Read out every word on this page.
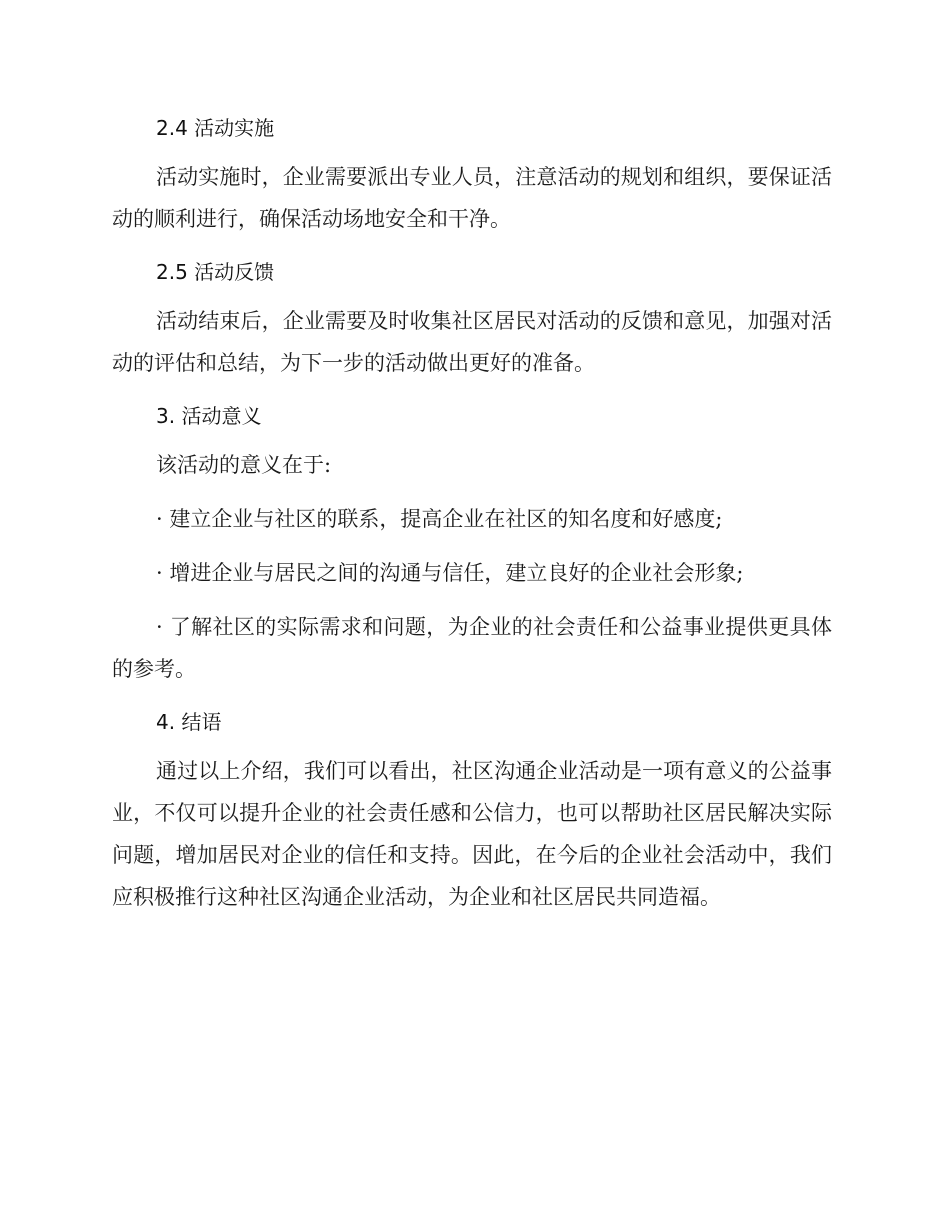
2.4 活动实施

活动实施时，企业需要派出专业人员，注意活动的规划和组织，要保证活动的顺利进行，确保活动场地安全和干净。

2.5 活动反馈

活动结束后，企业需要及时收集社区居民对活动的反馈和意见，加强对活动的评估和总结，为下一步的活动做出更好的准备。

3. 活动意义

该活动的意义在于:

· 建立企业与社区的联系，提高企业在社区的知名度和好感度;

· 增进企业与居民之间的沟通与信任，建立良好的企业社会形象;

· 了解社区的实际需求和问题，为企业的社会责任和公益事业提供更具体的参考。

4. 结语

通过以上介绍，我们可以看出，社区沟通企业活动是一项有意义的公益事业，不仅可以提升企业的社会责任感和公信力，也可以帮助社区居民解决实际问题，增加居民对企业的信任和支持。因此，在今后的企业社会活动中，我们应积极推行这种社区沟通企业活动，为企业和社区居民共同造福。
